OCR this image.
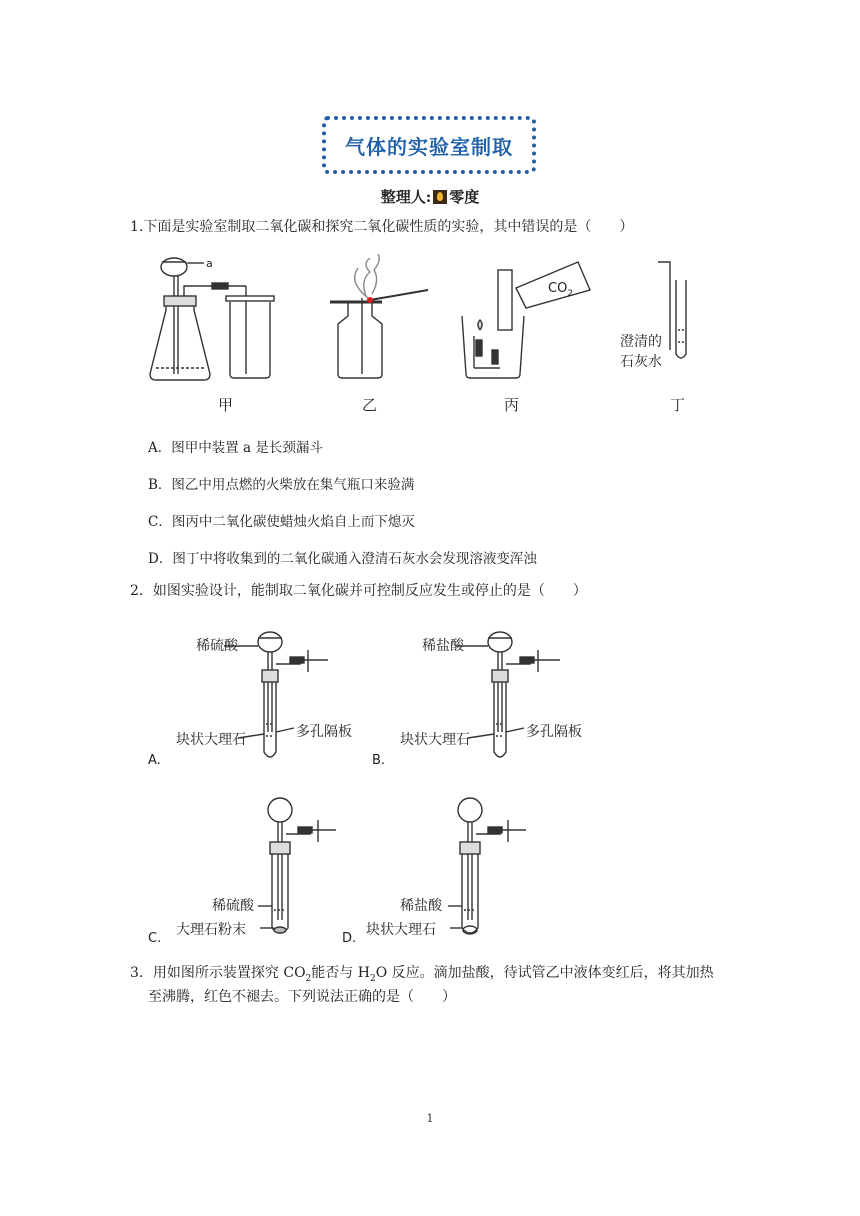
气体的实验室制取
整理人: 零度
1.下面是实验室制取二氧化碳和探究二氧化碳性质的实验，其中错误的是（　　）
a
$CO_2$
澄清的
石灰水
甲	乙	丙	丁
A．图甲中装置 a 是长颈漏斗
B．图乙中用点燃的火柴放在集气瓶口来验满
C．图丙中二氧化碳使蜡烛火焰自上而下熄灭
D．图丁中将收集到的二氧化碳通入澄清石灰水会发现溶液变浑浊
2．如图实验设计，能制取二氧化碳并可控制反应发生或停止的是（　　）
稀硫酸
块状大理石	多孔隔板
A.
稀盐酸
块状大理石	多孔隔板
B.
稀硫酸
大理石粉末
C.
稀盐酸
块状大理石
D.
3．用如图所示装置探究 $CO_2$能否与 $H_2O$ 反应。滴加盐酸，待试管乙中液体变红后，将其加热
至沸腾，红色不褪去。下列说法正确的是（　　）
1
